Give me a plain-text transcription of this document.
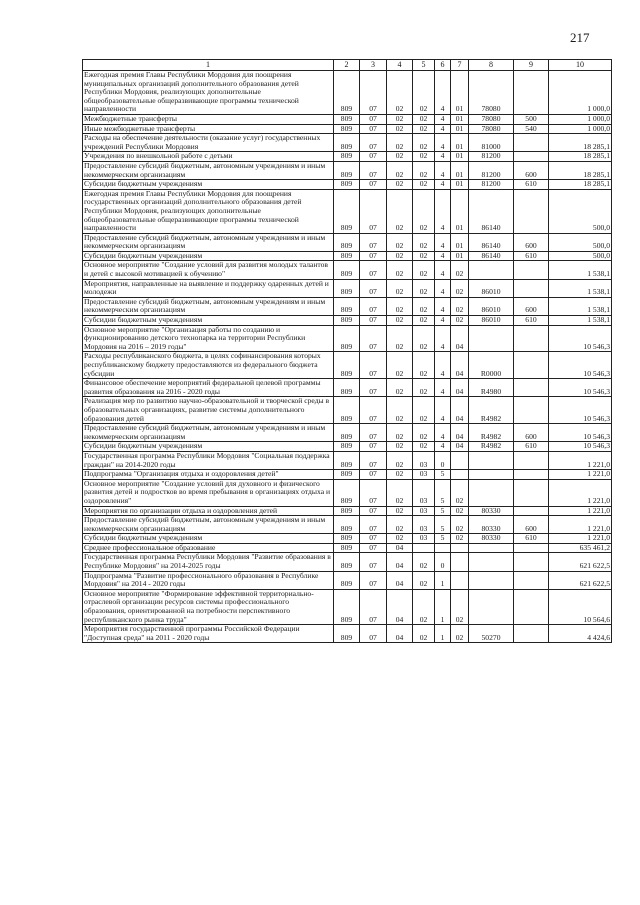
217
1	2	3	4	5	6	7	8	9	10
Ежегодная премия Главы Республики Мордовия для поощрения муниципальных организаций дополнительного образования детей Республики Мордовия, реализующих дополнительные общеобразовательные общеразвивающие программы технической направленности	809	07	02	02	4	01	78080		1 000,0
Межбюджетные трансферты	809	07	02	02	4	01	78080	500	1 000,0
Иные межбюджетные трансферты	809	07	02	02	4	01	78080	540	1 000,0
Расходы на обеспечение деятельности (оказание услуг) государственных учреждений Республики Мордовия	809	07	02	02	4	01	81000		18 285,1
Учреждения по внешкольной работе с детьми	809	07	02	02	4	01	81200		18 285,1
Предоставление субсидий бюджетным, автономным учреждениям и иным некоммерческим организациям	809	07	02	02	4	01	81200	600	18 285,1
Субсидии бюджетным учреждениям	809	07	02	02	4	01	81200	610	18 285,1
Ежегодная премия Главы Республики Мордовия для поощрения государственных организаций дополнительного образования детей Республики Мордовия, реализующих дополнительные общеобразовательные общеразвивающие программы технической направленности	809	07	02	02	4	01	86140		500,0
Предоставление субсидий бюджетным, автономным учреждениям и иным некоммерческим организациям	809	07	02	02	4	01	86140	600	500,0
Субсидии бюджетным учреждениям	809	07	02	02	4	01	86140	610	500,0
Основное мероприятие "Создание условий для развития молодых талантов и детей с высокой мотивацией к обучению"	809	07	02	02	4	02			1 538,1
Мероприятия, направленные на выявление и поддержку одаренных детей и молодежи	809	07	02	02	4	02	86010		1 538,1
Предоставление субсидий бюджетным, автономным учреждениям и иным некоммерческим организациям	809	07	02	02	4	02	86010	600	1 538,1
Субсидии бюджетным учреждениям	809	07	02	02	4	02	86010	610	1 538,1
Основное мероприятие "Организация работы по созданию и функционированию детского технопарка на территории Республики Мордовия на 2016 – 2019 годы"	809	07	02	02	4	04			10 546,3
Расходы республиканского бюджета, в целях софинансирования которых республиканскому бюджету предоставляются из федерального бюджета субсидии	809	07	02	02	4	04	R0000		10 546,3
Финансовое обеспечение мероприятий федеральной целевой программы развития образования на 2016 - 2020 годы	809	07	02	02	4	04	R4980		10 546,3
Реализация мер по развитию научно-образовательной и творческой среды в образовательных организациях, развитие системы дополнительного образования детей	809	07	02	02	4	04	R4982		10 546,3
Предоставление субсидий бюджетным, автономным учреждениям и иным некоммерческим организациям	809	07	02	02	4	04	R4982	600	10 546,3
Субсидии бюджетным учреждениям	809	07	02	02	4	04	R4982	610	10 546,3
Государственная программа Республики Мордовия "Социальная поддержка граждан" на 2014-2020 годы	809	07	02	03	0				1 221,0
Подпрограмма "Организация отдыха и оздоровления детей"	809	07	02	03	5				1 221,0
Основное мероприятие "Создание условий для духовного и физического развития детей и подростков во время пребывания в организациях отдыха и оздоровления"	809	07	02	03	5	02			1 221,0
Мероприятия по организации отдыха и оздоровления детей	809	07	02	03	5	02	80330		1 221,0
Предоставление субсидий бюджетным, автономным учреждениям и иным некоммерческим организациям	809	07	02	03	5	02	80330	600	1 221,0
Субсидии бюджетным учреждениям	809	07	02	03	5	02	80330	610	1 221,0
Среднее профессиональное образование	809	07	04						635 461,2
Государственная программа Республики Мордовия "Развитие образования в Республике Мордовия" на 2014-2025 годы	809	07	04	02	0				621 622,5
Подпрограмма "Развитие профессионального образования в Республике Мордовия" на 2014 - 2020 годы	809	07	04	02	1				621 622,5
Основное мероприятие "Формирование эффективной территориально-отраслевой организации ресурсов системы профессионального образования, ориентированной на потребности перспективного республиканского рынка труда"	809	07	04	02	1	02			10 564,6
Мероприятия государственной программы Российской Федерации "Доступная среда" на 2011 - 2020 годы	809	07	04	02	1	02	50270		4 424,6
